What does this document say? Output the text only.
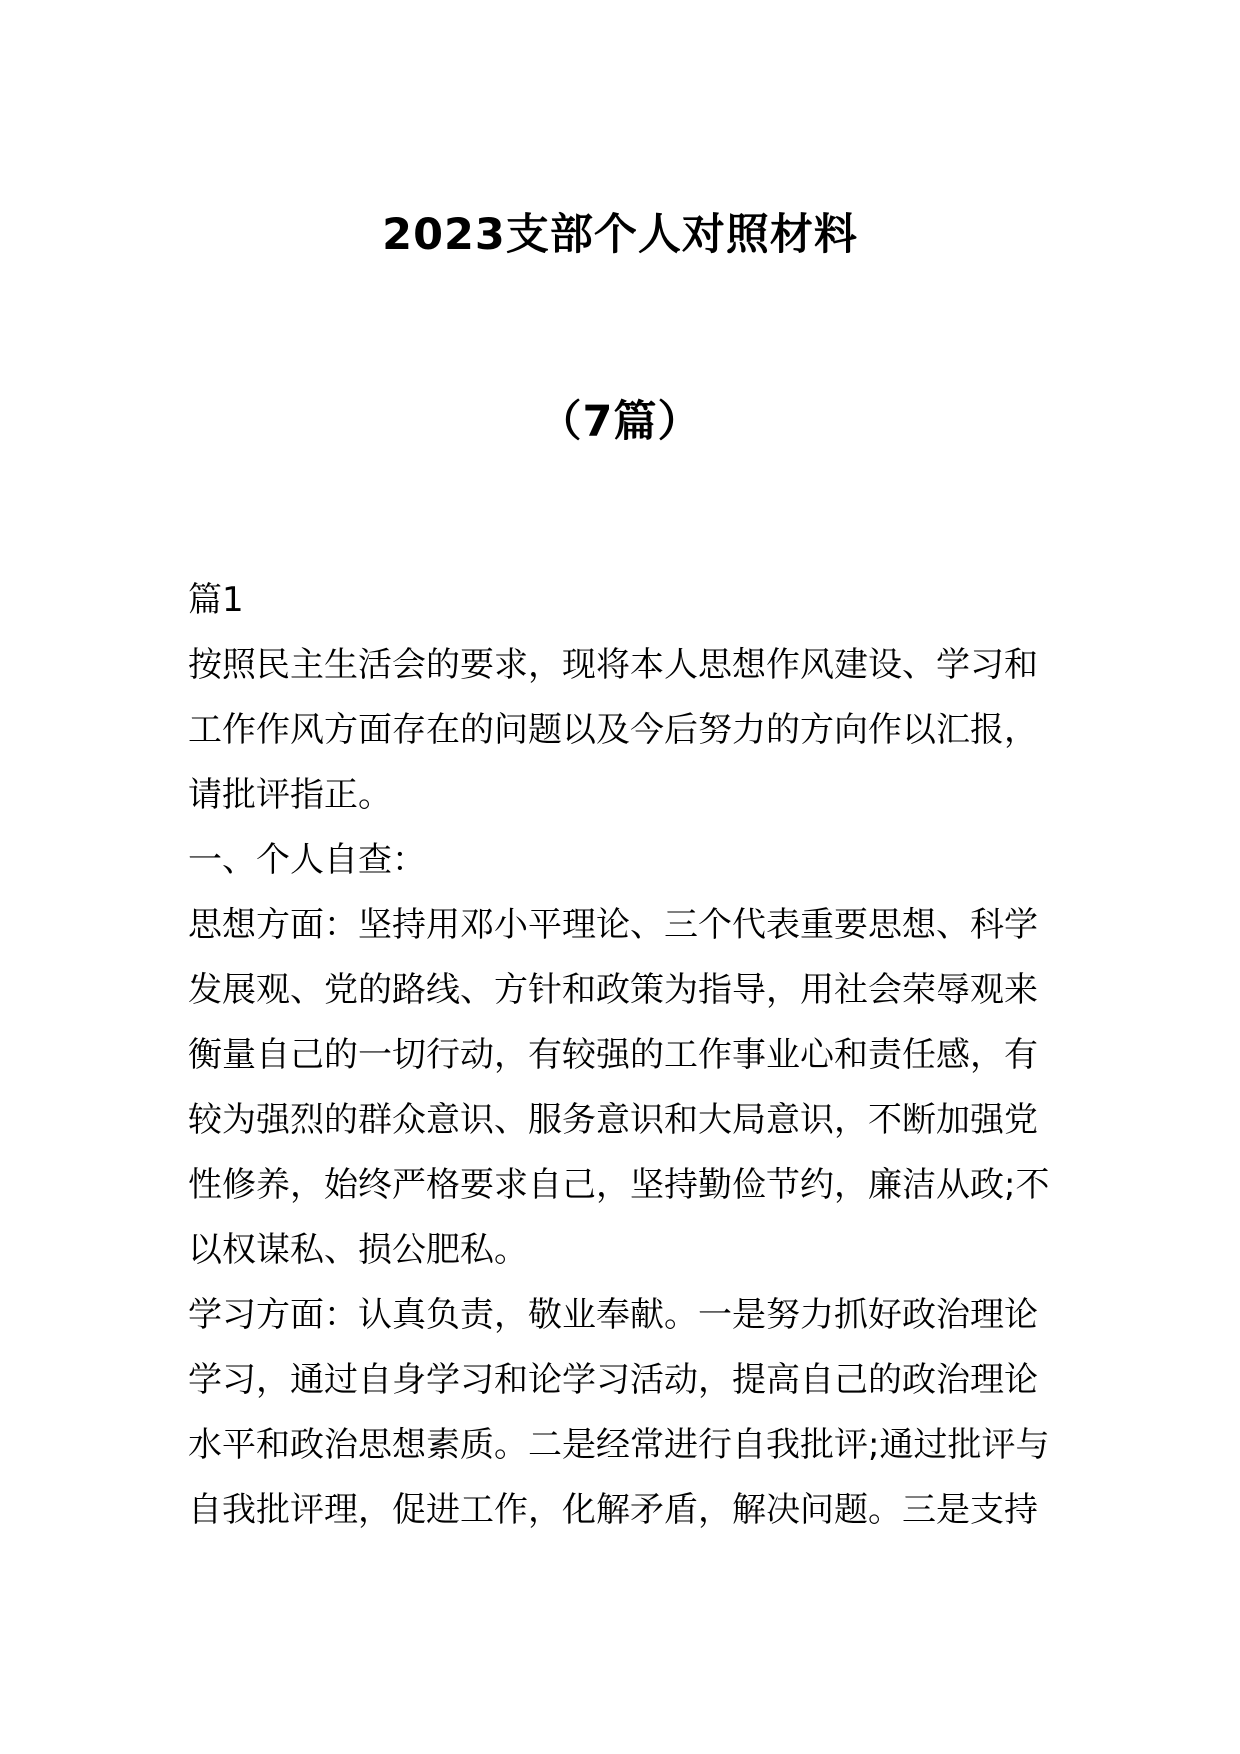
2023支部个人对照材料
（7篇）

篇1

按照民主生活会的要求，现将本人思想作风建设、学习和工作作风方面存在的问题以及今后努力的方向作以汇报，请批评指正。

一、个人自查：

思想方面：坚持用邓小平理论、三个代表重要思想、科学发展观、党的路线、方针和政策为指导，用社会荣辱观来衡量自己的一切行动，有较强的工作事业心和责任感，有较为强烈的群众意识、服务意识和大局意识，不断加强党性修养，始终严格要求自己，坚持勤俭节约，廉洁从政;不以权谋私、损公肥私。

学习方面：认真负责，敬业奉献。一是努力抓好政治理论学习，通过自身学习和论学习活动，提高自己的政治理论水平和政治思想素质。二是经常进行自我批评;通过批评与自我批评理，促进工作，化解矛盾，解决问题。三是支持
